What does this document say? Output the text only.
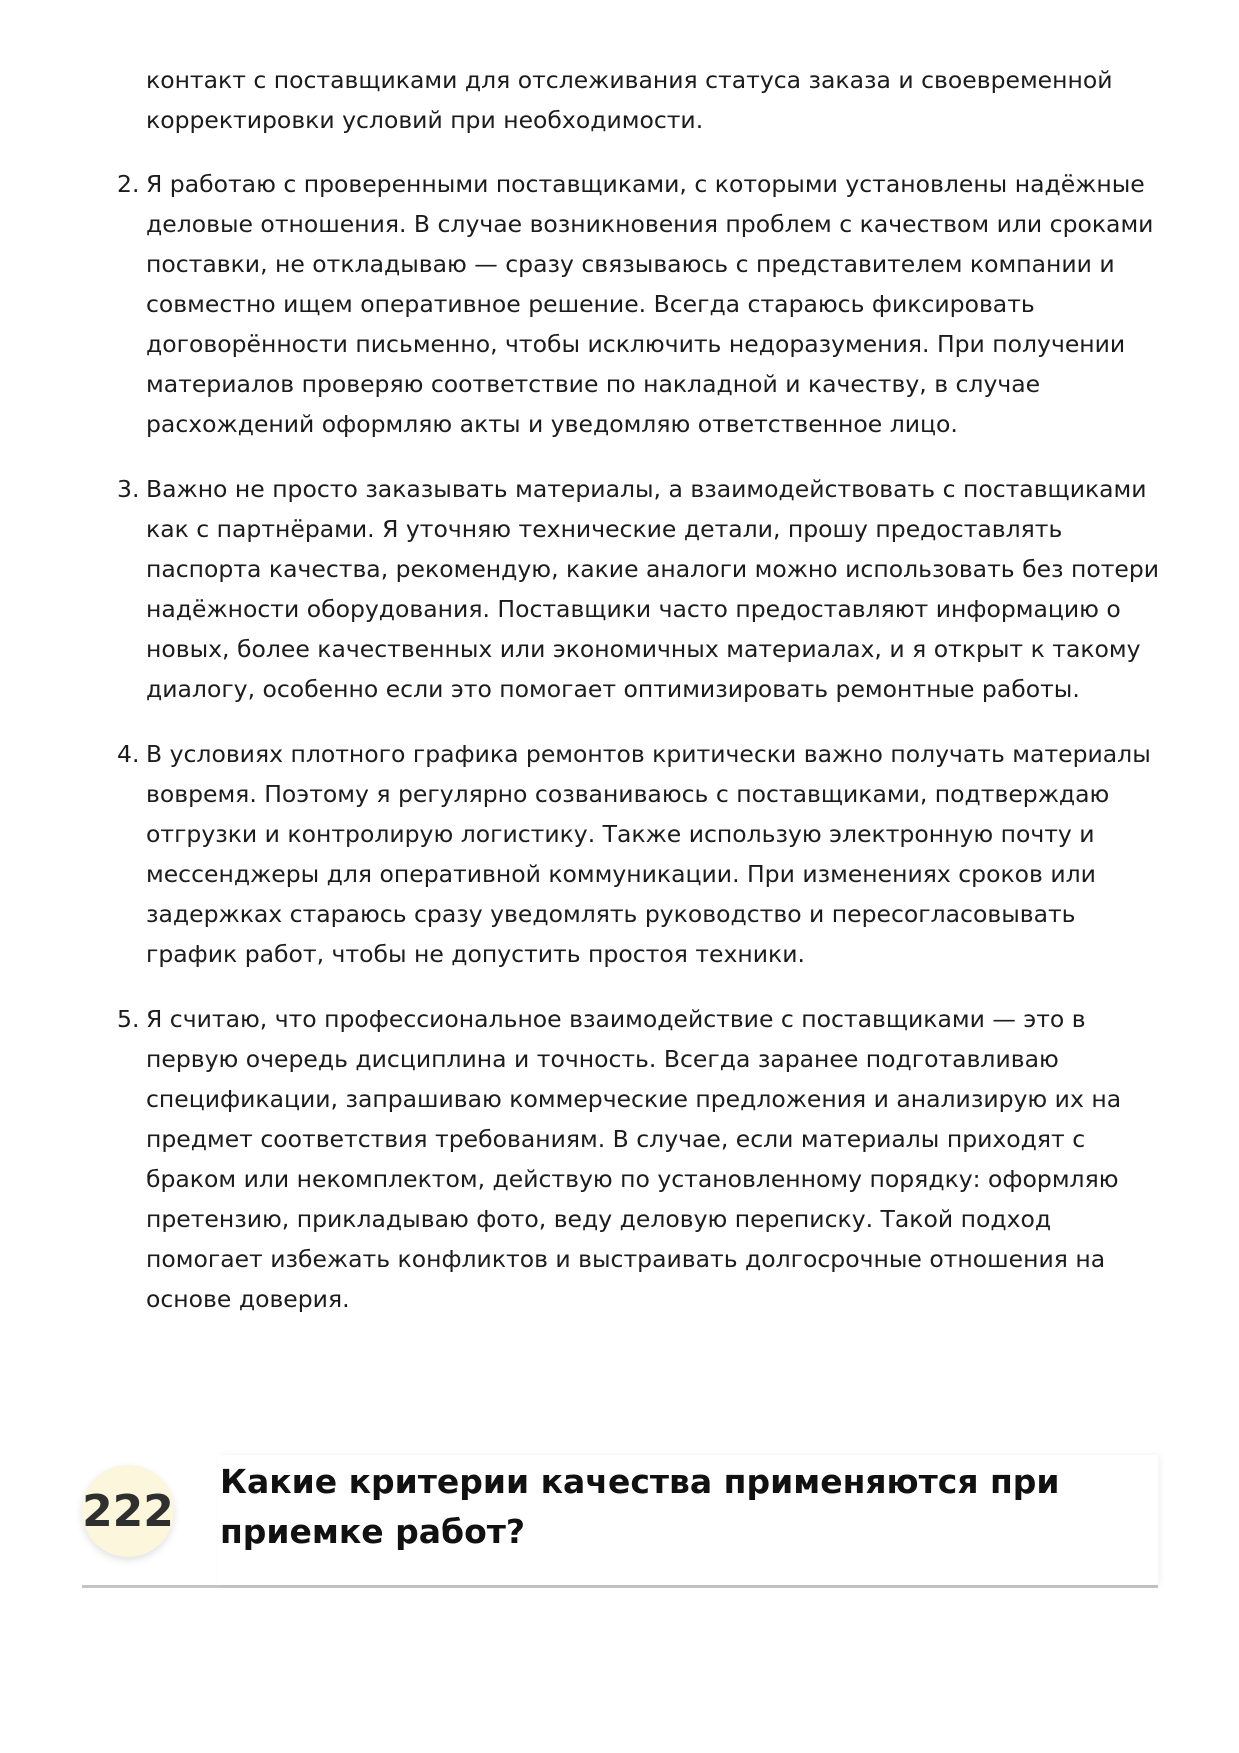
контакт с поставщиками для отслеживания статуса заказа и своевременной корректировки условий при необходимости.

2. Я работаю с проверенными поставщиками, с которыми установлены надёжные деловые отношения. В случае возникновения проблем с качеством или сроками поставки, не откладываю — сразу связываюсь с представителем компании и совместно ищем оперативное решение. Всегда стараюсь фиксировать договорённости письменно, чтобы исключить недоразумения. При получении материалов проверяю соответствие по накладной и качеству, в случае расхождений оформляю акты и уведомляю ответственное лицо.
3. Важно не просто заказывать материалы, а взаимодействовать с поставщиками как с партнёрами. Я уточняю технические детали, прошу предоставлять паспорта качества, рекомендую, какие аналоги можно использовать без потери надёжности оборудования. Поставщики часто предоставляют информацию о новых, более качественных или экономичных материалах, и я открыт к такому диалогу, особенно если это помогает оптимизировать ремонтные работы.
4. В условиях плотного графика ремонтов критически важно получать материалы вовремя. Поэтому я регулярно созваниваюсь с поставщиками, подтверждаю отгрузки и контролирую логистику. Также использую электронную почту и мессенджеры для оперативной коммуникации. При изменениях сроков или задержках стараюсь сразу уведомлять руководство и пересогласовывать график работ, чтобы не допустить простоя техники.
5. Я считаю, что профессиональное взаимодействие с поставщиками — это в первую очередь дисциплина и точность. Всегда заранее подготавливаю спецификации, запрашиваю коммерческие предложения и анализирую их на предмет соответствия требованиям. В случае, если материалы приходят с браком или некомплектом, действую по установленному порядку: оформляю претензию, прикладываю фото, веду деловую переписку. Такой подход помогает избежать конфликтов и выстраивать долгосрочные отношения на основе доверия.
222
Какие критерии качества применяются при приемке работ?
